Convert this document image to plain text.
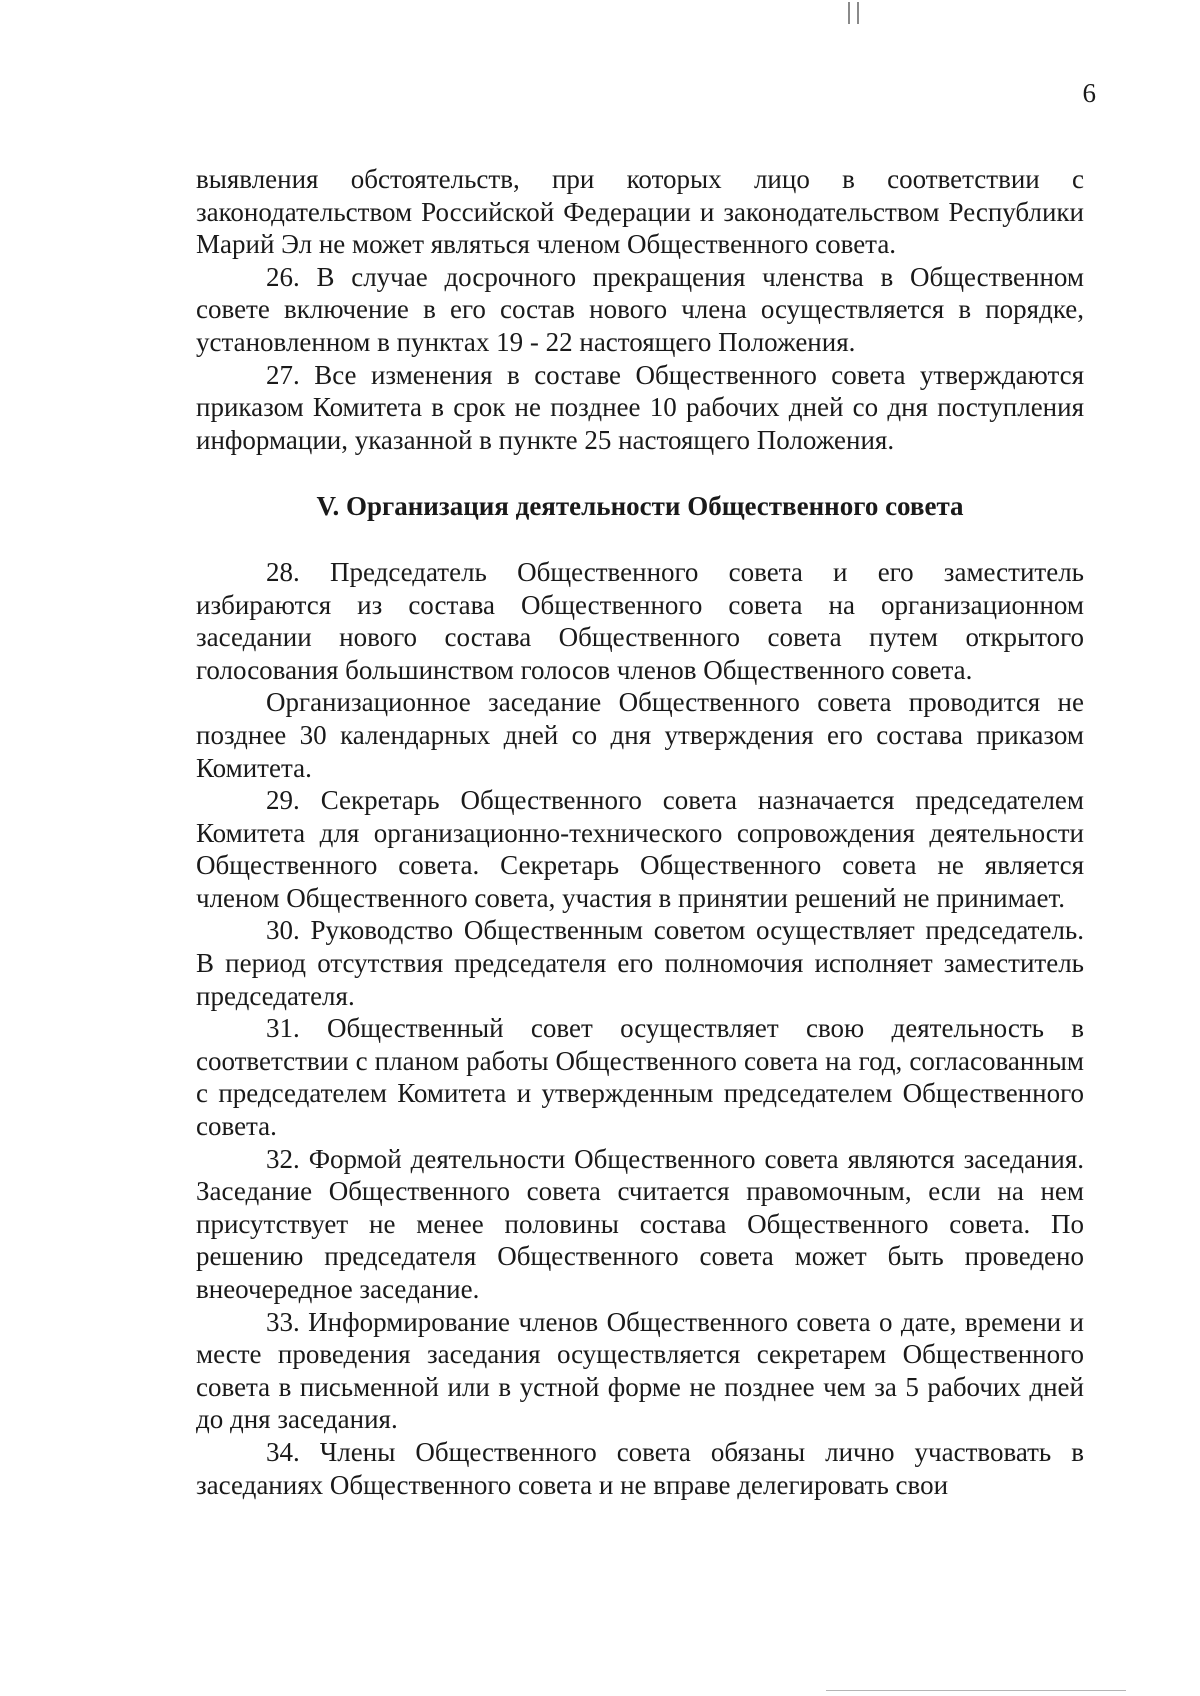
6

выявления обстоятельств, при которых лицо в соответствии с законодательством Российской Федерации и законодательством Республики Марий Эл не может являться членом Общественного совета.

26. В случае досрочного прекращения членства в Общественном совете включение в его состав нового члена осуществляется в порядке, установленном в пунктах 19 - 22 настоящего Положения.

27. Все изменения в составе Общественного совета утверждаются приказом Комитета в срок не позднее 10 рабочих дней со дня поступления информации, указанной в пункте 25 настоящего Положения.

V. Организация деятельности Общественного совета

28. Председатель Общественного совета и его заместитель избираются из состава Общественного совета на организационном заседании нового состава Общественного совета путем открытого голосования большинством голосов членов Общественного совета.

Организационное заседание Общественного совета проводится не позднее 30 календарных дней со дня утверждения его состава приказом Комитета.

29. Секретарь Общественного совета назначается председателем Комитета для организационно-технического сопровождения деятельности Общественного совета. Секретарь Общественного совета не является членом Общественного совета, участия в принятии решений не принимает.

30. Руководство Общественным советом осуществляет председатель. В период отсутствия председателя его полномочия исполняет заместитель председателя.

31. Общественный совет осуществляет свою деятельность в соответствии с планом работы Общественного совета на год, согласованным с председателем Комитета и утвержденным председателем Общественного совета.

32. Формой деятельности Общественного совета являются заседания. Заседание Общественного совета считается правомочным, если на нем присутствует не менее половины состава Общественного совета. По решению председателя Общественного совета может быть проведено внеочередное заседание.

33. Информирование членов Общественного совета о дате, времени и месте проведения заседания осуществляется секретарем Общественного совета в письменной или в устной форме не позднее чем за 5 рабочих дней до дня заседания.

34. Члены Общественного совета обязаны лично участвовать в заседаниях Общественного совета и не вправе делегировать свои
